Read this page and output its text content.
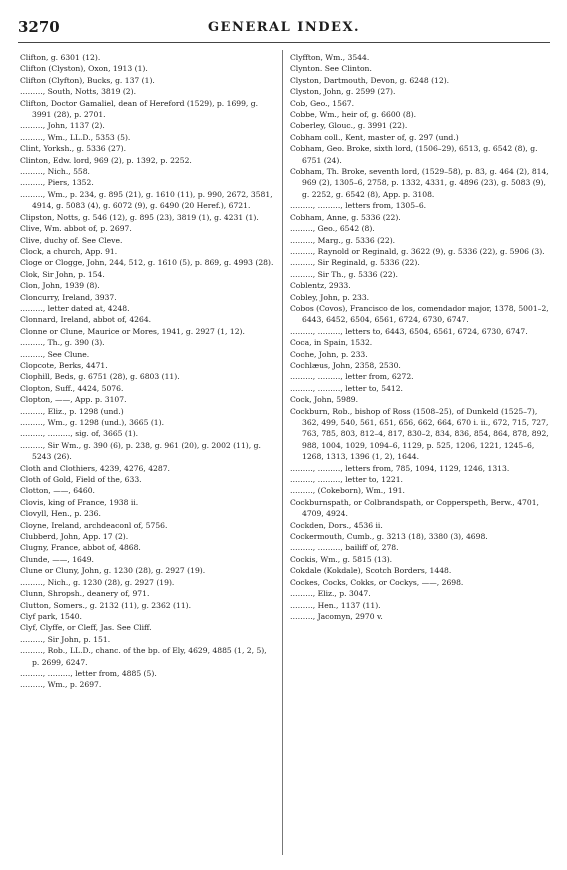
3270	GENERAL INDEX.
Clifton, g. 6301 (12).
Clifton (Clyston), Oxon, 1913 (1).
Clifton (Clyfton), Bucks, g. 137 (1).
………, South, Notts, 3819 (2).
Clifton, Doctor Gamaliel, dean of Hereford (1529), p. 1699, g. 3991 (28), p. 2701.
………, John, 1137 (2).
………, Wm., LL.D., 5353 (5).
Clint, Yorksh., g. 5336 (27).
Clinton, Edw. lord, 969 (2), p. 1392, p. 2252.
………, Nich., 558.
………, Piers, 1352.
………, Wm., p. 234, g. 895 (21), g. 1610 (11), p. 990, 2672, 3581, 4914, g. 5083 (4), g. 6072 (9), g. 6490 (20 Heref.), 6721.
Clipston, Notts, g. 546 (12), g. 895 (23), 3819 (1), g. 4231 (1).
Clive, Wm. abbot of, p. 2697.
Clive, duchy of. See Cleve.
Clock, a church, App. 91.
Cloge or Clogge, John, 244, 512, g. 1610 (5), p. 869, g. 4993 (28).
Clok, Sir John, p. 154.
Clon, John, 1939 (8).
Cloncurry, Ireland, 3937.
………, letter dated at, 4248.
Clonnard, Ireland, abbot of, 4264.
Clonne or Clune, Maurice or Mores, 1941, g. 2927 (1, 12).
………, Th., g. 390 (3).
………, See Clune.
Clopcote, Berks, 4471.
Clophill, Beds, g. 6751 (28), g. 6803 (11).
Clopton, Suff., 4424, 5076.
Clopton, ——, App. p. 3107.
………, Eliz., p. 1298 (und.)
………, Wm., g. 1298 (und.), 3665 (1).
………, ………, sig. of, 3665 (1).
………, Sir Wm., g. 390 (6), p. 238, g. 961 (20), g. 2002 (11), g. 5243 (26).
Cloth and Clothiers, 4239, 4276, 4287.
Cloth of Gold, Field of the, 633.
Clotton, ——, 6460.
Clovis, king of France, 1938 ii.
Clovyll, Hen., p. 236.
Cloyne, Ireland, archdeaconl of, 5756.
Clubberd, John, App. 17 (2).
Clugny, France, abbot of, 4868.
Clunde, ——, 1649.
Clune or Cluny, John, g. 1230 (28), g. 2927 (19).
………, Nich., g. 1230 (28), g. 2927 (19).
Clunn, Shropsh., deanery of, 971.
Clutton, Somers., g. 2132 (11), g. 2362 (11).
Clyf park, 1540.
Clyf, Clyffe, or Cleff, Jas. See Cliff.
………, Sir John, p. 151.
………, Rob., LL.D., chanc. of the bp. of Ely, 4629, 4885 (1, 2, 5), p. 2699, 6247.
………, ………, letter from, 4885 (5).
………, Wm., p. 2697.
Clyffton, Wm., 3544.
Clynton. See Clinton.
Clyston, Dartmouth, Devon, g. 6248 (12).
Clyston, John, g. 2599 (27).
Cob, Geo., 1567.
Cobbe, Wm., heir of, g. 6600 (8).
Coberley, Glouc., g. 3991 (22).
Cobham coll., Kent, master of, g. 297 (und.)
Cobham, Geo. Broke, sixth lord, (1506–29), 6513, g. 6542 (8), g. 6751 (24).
Cobham, Th. Broke, seventh lord, (1529–58), p. 83, g. 464 (2), 814, 969 (2), 1305–6, 2758, p. 1332, 4331, g. 4896 (23), g. 5083 (9), g. 2252, g. 6542 (8), App. p. 3108.
………, ………, letters from, 1305–6.
Cobham, Anne, g. 5336 (22).
………, Geo., 6542 (8).
………, Marg., g. 5336 (22).
………, Raynold or Reginald, g. 3622 (9), g. 5336 (22), g. 5906 (3).
………, Sir Reginald, g. 5336 (22).
………, Sir Th., g. 5336 (22).
Coblentz, 2933.
Cobley, John, p. 233.
Cobos (Covos), Francisco de los, comendador major, 1378, 5001–2, 6443, 6452, 6504, 6561, 6724, 6730, 6747.
………, ………, letters to, 6443, 6504, 6561, 6724, 6730, 6747.
Coca, in Spain, 1532.
Coche, John, p. 233.
Cochlæus, John, 2358, 2530.
………, ………, letter from, 6272.
………, ………, letter to, 5412.
Cock, John, 5989.
Cockburn, Rob., bishop of Ross (1508–25), of Dunkeld (1525–7), 362, 499, 540, 561, 651, 656, 662, 664, 670 i. ii., 672, 715, 727, 763, 785, 803, 812–4, 817, 830–2, 834, 836, 854, 864, 878, 892, 988, 1004, 1029, 1094–6, 1129, p. 525, 1206, 1221, 1245–6, 1268, 1313, 1396 (1, 2), 1644.
………, ………, letters from, 785, 1094, 1129, 1246, 1313.
………, ………, letter to, 1221.
………, (Cokeborn), Wm., 191.
Cockburnspath, or Colbrandspath, or Copperspeth, Berw., 4701, 4709, 4924.
Cockden, Dors., 4536 ii.
Cockermouth, Cumb., g. 3213 (18), 3380 (3), 4698.
………, ………, bailiff of, 278.
Cockis, Wm., g. 5815 (13).
Cokdale (Kokdale), Scotch Borders, 1448.
Cockes, Cocks, Cokks, or Cockys, ——, 2698.
………, Eliz., p. 3047.
………, Hen., 1137 (11).
………, Jacomyn, 2970 v.
